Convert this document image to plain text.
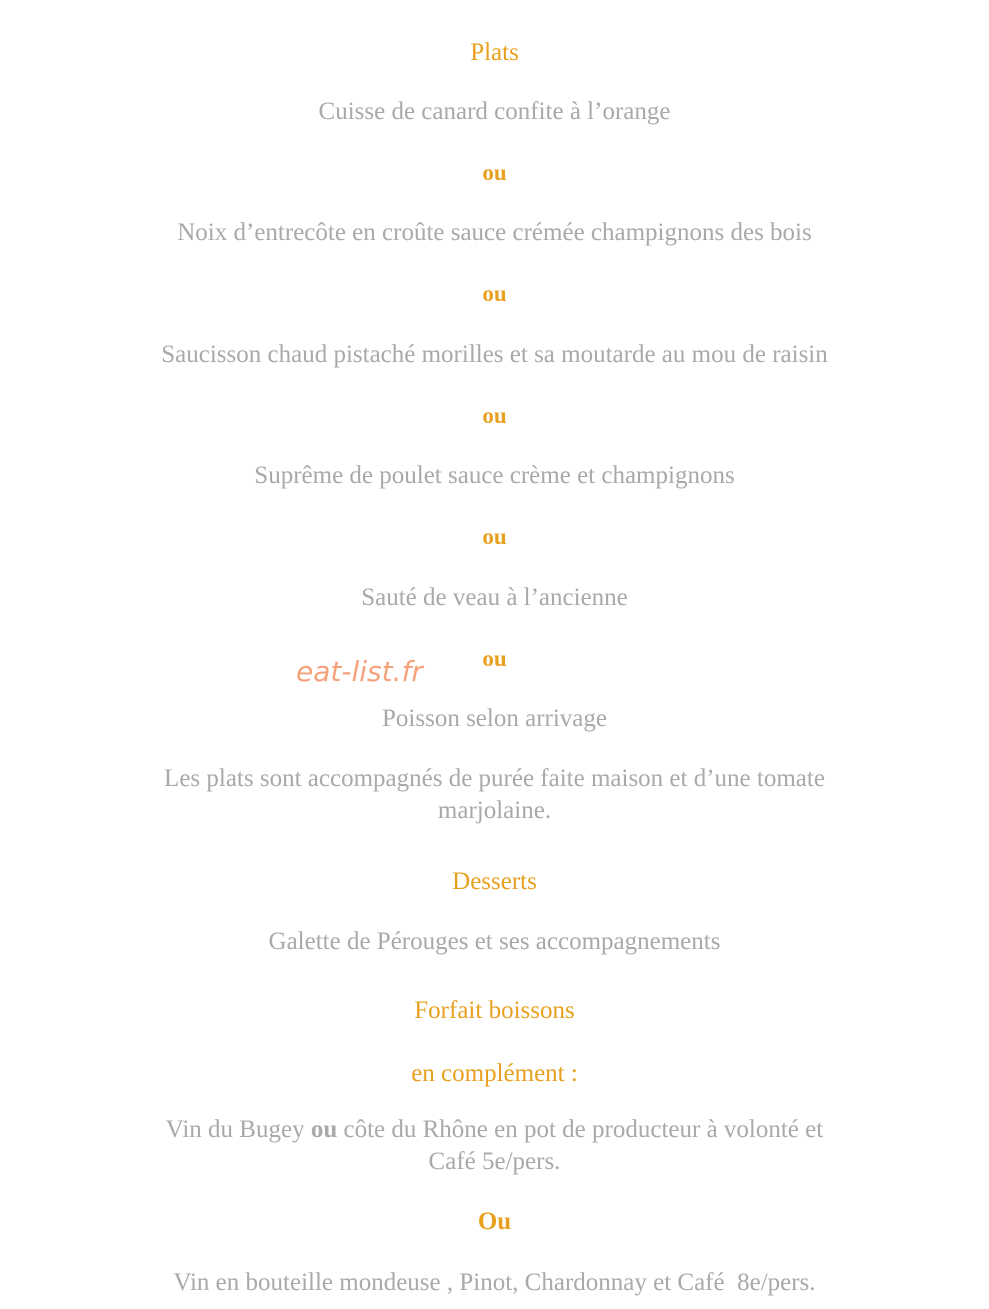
Plats

Cuisse de canard confite à l’orange

ou

Noix d’entrecôte en croûte sauce crémée champignons des bois

ou

Saucisson chaud pistaché morilles et sa moutarde au mou de raisin

ou

Suprême de poulet sauce crème et champignons

ou

Sauté de veau à l’ancienne

ou

eat-list.fr

Poisson selon arrivage

Les plats sont accompagnés de purée faite maison et d’une tomate

marjolaine.

Desserts

Galette de Pérouges et ses accompagnements

Forfait boissons

en complément :

Vin du Bugey ou côte du Rhône en pot de producteur à volonté et

Café 5e/pers.

Ou

Vin en bouteille mondeuse , Pinot, Chardonnay et Café  8e/pers.
